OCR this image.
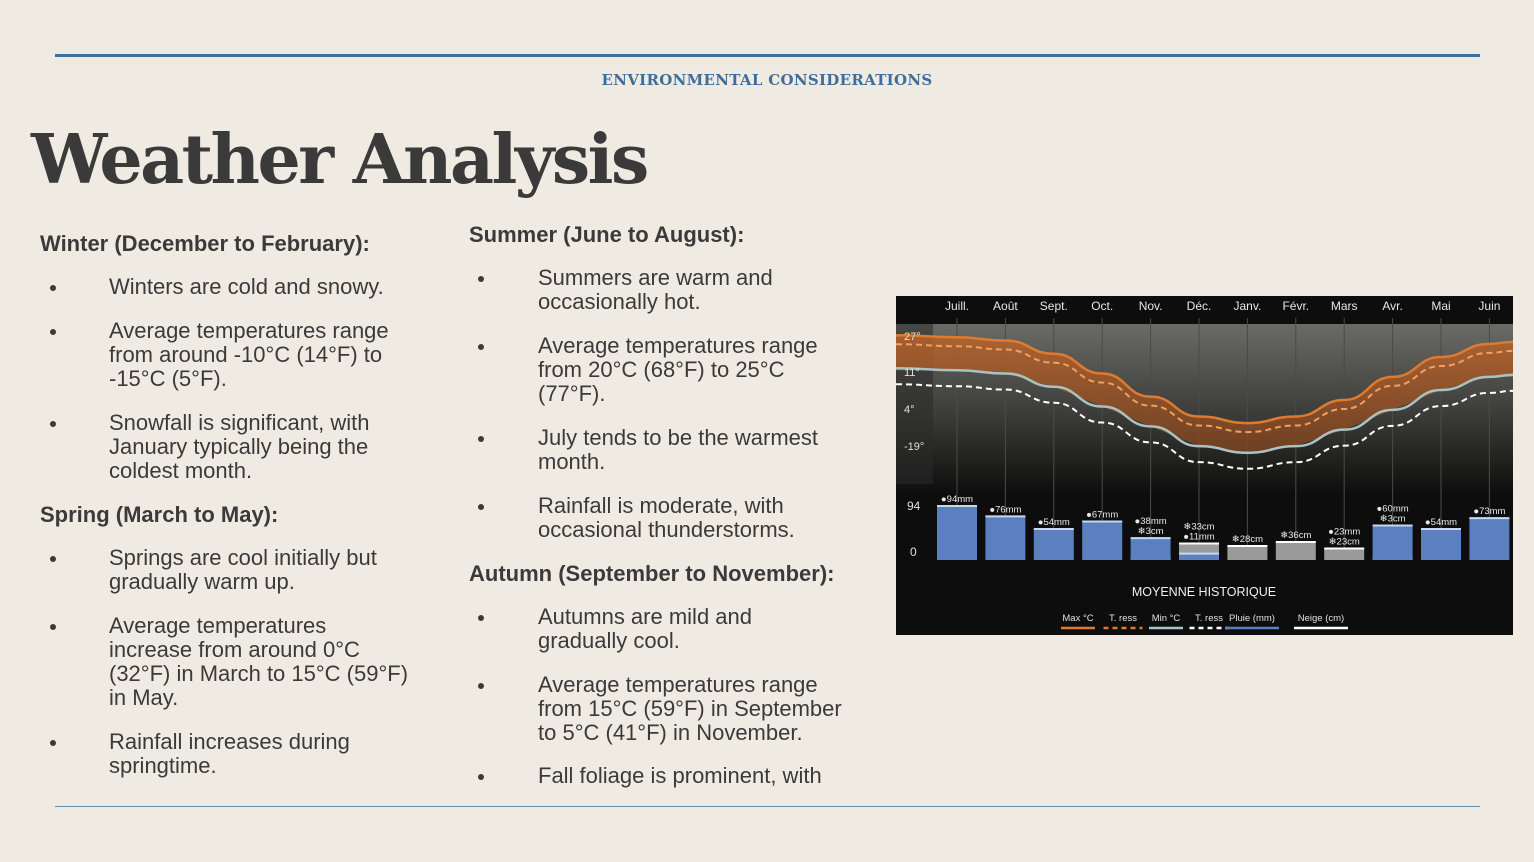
ENVIRONMENTAL CONSIDERATIONS
Weather Analysis
Winter (December to February):
Winters are cold and snowy.
Average temperatures range
from around -10°C (14°F) to
-15°C (5°F).
Snowfall is significant, with
January typically being the
coldest month.
Spring (March to May):
Springs are cool initially but
gradually warm up.
Average temperatures
increase from around 0°C
(32°F) in March to 15°C (59°F)
in May.
Rainfall increases during
springtime.
Summer (June to August):
Summers are warm and
occasionally hot.
Average temperatures range
from 20°C (68°F) to 25°C
(77°F).
July tends to be the warmest
month.
Rainfall is moderate, with
occasional thunderstorms.
Autumn (September to November):
Autumns are mild and
gradually cool.
Average temperatures range
from 15°C (59°F) in September
to 5°C (41°F) in November.
Fall foliage is prominent, with
Juill. Août Sept. Oct. Nov. Déc. Janv. Févr. Mars Avr. Mai Juin
27°
11°
4°
-19°
94
0
●94mm
●76mm
●54mm
●67mm
●38mm
❄3cm ❄33cm
●11mm ❄28cm ❄36cm ●23mm
❄23cm
●60mm
❄3cm ●54mm
●73mm
MOYENNE HISTORIQUE
Max °C T. ress Min °C T. ress Pluie (mm) Neige (cm)
